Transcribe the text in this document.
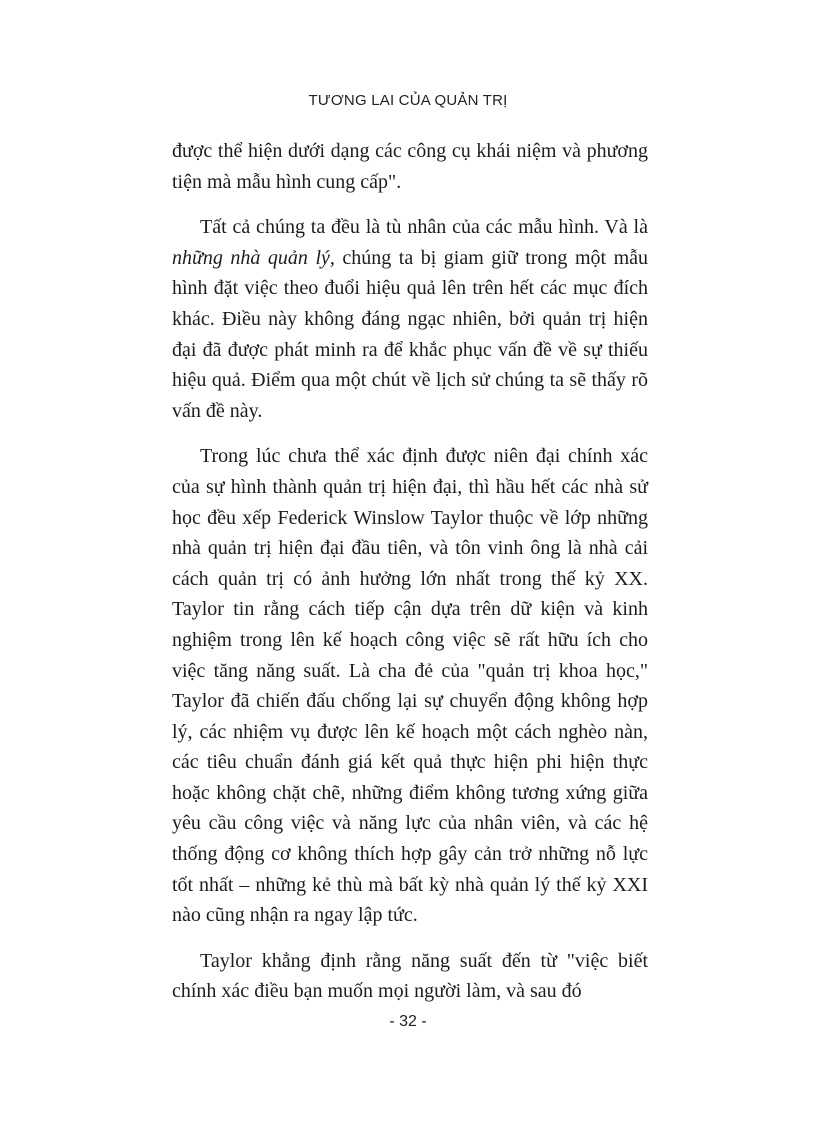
TƯƠNG LAI CỦA QUẢN TRỊ

được thể hiện dưới dạng các công cụ khái niệm và phương tiện mà mẫu hình cung cấp".

Tất cả chúng ta đều là tù nhân của các mẫu hình. Và là những nhà quản lý, chúng ta bị giam giữ trong một mẫu hình đặt việc theo đuổi hiệu quả lên trên hết các mục đích khác. Điều này không đáng ngạc nhiên, bởi quản trị hiện đại đã được phát minh ra để khắc phục vấn đề về sự thiếu hiệu quả. Điểm qua một chút về lịch sử chúng ta sẽ thấy rõ vấn đề này.

Trong lúc chưa thể xác định được niên đại chính xác của sự hình thành quản trị hiện đại, thì hầu hết các nhà sử học đều xếp Federick Winslow Taylor thuộc về lớp những nhà quản trị hiện đại đầu tiên, và tôn vinh ông là nhà cải cách quản trị có ảnh hưởng lớn nhất trong thế kỷ XX. Taylor tin rằng cách tiếp cận dựa trên dữ kiện và kinh nghiệm trong lên kế hoạch công việc sẽ rất hữu ích cho việc tăng năng suất. Là cha đẻ của "quản trị khoa học," Taylor đã chiến đấu chống lại sự chuyển động không hợp lý, các nhiệm vụ được lên kế hoạch một cách nghèo nàn, các tiêu chuẩn đánh giá kết quả thực hiện phi hiện thực hoặc không chặt chẽ, những điểm không tương xứng giữa yêu cầu công việc và năng lực của nhân viên, và các hệ thống động cơ không thích hợp gây cản trở những nỗ lực tốt nhất – những kẻ thù mà bất kỳ nhà quản lý thế kỷ XXI nào cũng nhận ra ngay lập tức.

Taylor khẳng định rằng năng suất đến từ "việc biết chính xác điều bạn muốn mọi người làm, và sau đó

- 32 -
